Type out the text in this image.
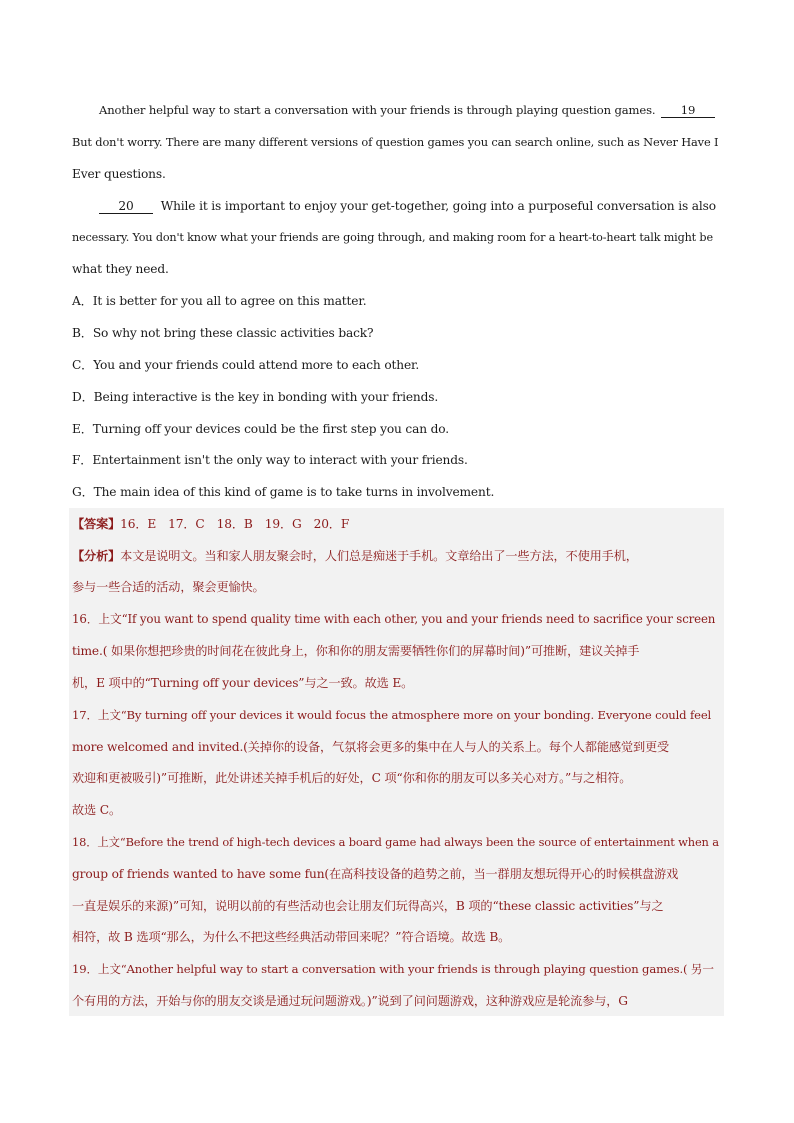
Another helpful way to start a conversation with your friends is through playing question games. 19
But don't worry. There are many different versions of question games you can search online, such as Never Have I
Ever questions.
20 While it is important to enjoy your get-together, going into a purposeful conversation is also
necessary. You don't know what your friends are going through, and making room for a heart-to-heart talk might be
what they need.
A．It is better for you all to agree on this matter.
B．So why not bring these classic activities back?
C．You and your friends could attend more to each other.
D．Being interactive is the key in bonding with your friends.
E．Turning off your devices could be the first step you can do.
F．Entertainment isn't the only way to interact with your friends.
G．The main idea of this kind of game is to take turns in involvement.
【答案】16．E　17．C　18．B　19．G　20．F
【分析】本文是说明文。当和家人朋友聚会时，人们总是痴迷于手机。文章给出了一些方法，不使用手机，
参与一些合适的活动，聚会更愉快。
16．上文“If you want to spend quality time with each other, you and your friends need to sacrifice your screen
time.( 如果你想把珍贵的时间花在彼此身上，你和你的朋友需要牺牲你们的屏幕时间)”可推断，建议关掉手
机，E 项中的“Turning off your devices”与之一致。故选 E。
17．上文“By turning off your devices it would focus the atmosphere more on your bonding. Everyone could feel
more welcomed and invited.(关掉你的设备，气氛将会更多的集中在人与人的关系上。每个人都能感觉到更受
欢迎和更被吸引)”可推断，此处讲述关掉手机后的好处，C 项“你和你的朋友可以多关心对方。”与之相符。
故选 C。
18．上文“Before the trend of high-tech devices a board game had always been the source of entertainment when a
group of friends wanted to have some fun(在高科技设备的趋势之前，当一群朋友想玩得开心的时候棋盘游戏
一直是娱乐的来源)”可知，说明以前的有些活动也会让朋友们玩得高兴，B 项的“these classic activities”与之
相符，故 B 选项“那么，为什么不把这些经典活动带回来呢？”符合语境。故选 B。
19．上文“Another helpful way to start a conversation with your friends is through playing question games.( 另一
个有用的方法，开始与你的朋友交谈是通过玩问题游戏。)”说到了问问题游戏，这种游戏应是轮流参与，G
